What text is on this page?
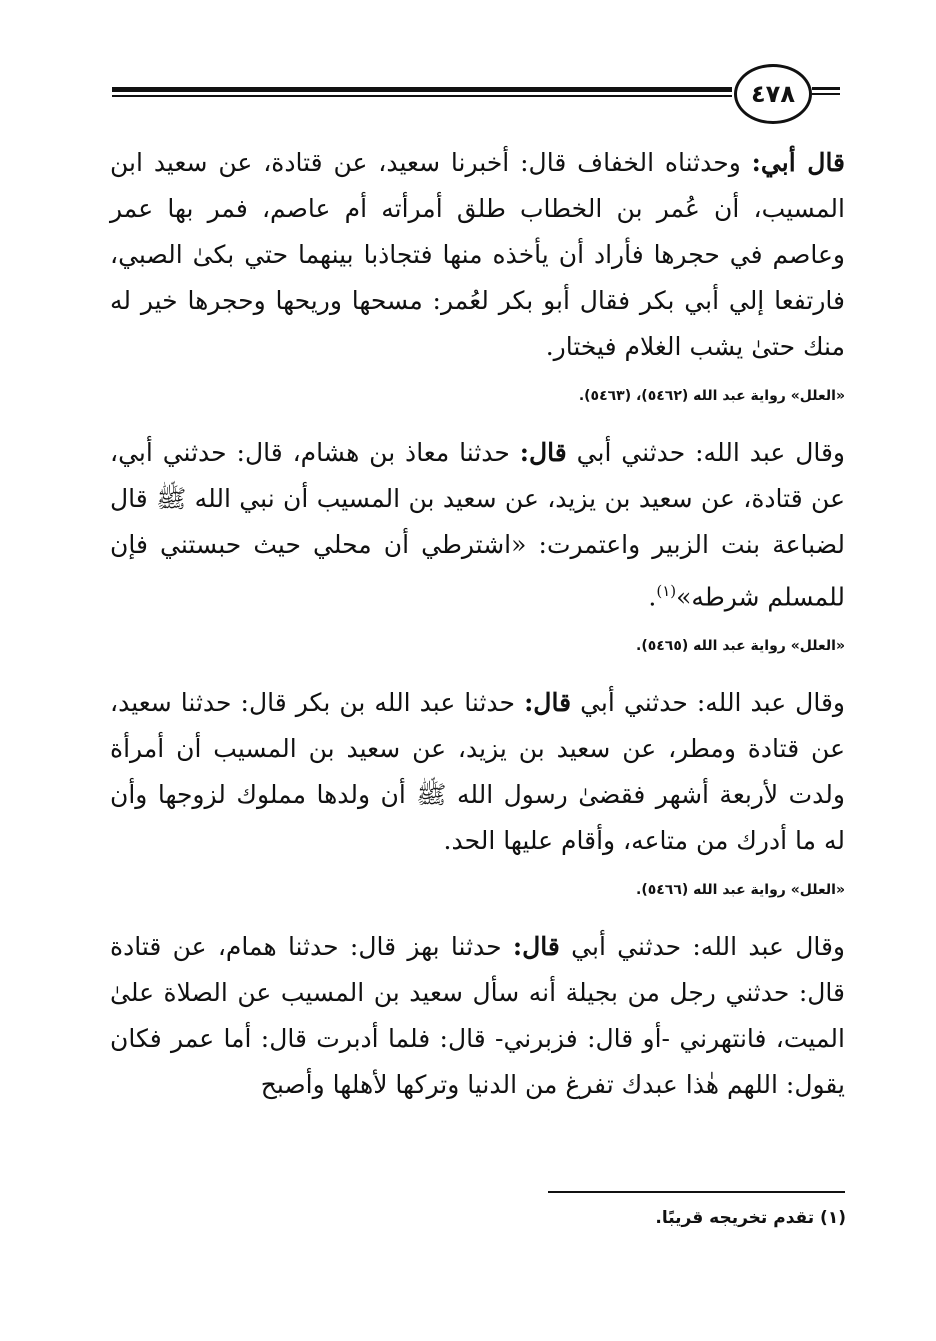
٤٧٨

قال أبي: وحدثناه الخفاف قال: أخبرنا سعيد، عن قتادة، عن سعيد ابن المسيب، أن عُمر بن الخطاب طلق أمرأته أم عاصم، فمر بها عمر وعاصم في حجرها فأراد أن يأخذه منها فتجاذبا بينهما حتي بكىٰ الصبي، فارتفعا إلي أبي بكر فقال أبو بكر لعُمر: مسحها وريحها وحجرها خير له منك حتىٰ يشب الغلام فيختار.

«العلل» رواية عبد الله (٥٤٦٢)، (٥٤٦٣).

وقال عبد الله: حدثني أبي قال: حدثنا معاذ بن هشام، قال: حدثني أبي، عن قتادة، عن سعيد بن يزيد، عن سعيد بن المسيب أن نبي الله ﷺ قال لضباعة بنت الزبير واعتمرت: «اشترطي أن محلي حيث حبستني فإن للمسلم شرطه»$^{(١)}$.

«العلل» رواية عبد الله (٥٤٦٥).

وقال عبد الله: حدثني أبي قال: حدثنا عبد الله بن بكر قال: حدثنا سعيد، عن قتادة ومطر، عن سعيد بن يزيد، عن سعيد بن المسيب أن أمرأة ولدت لأربعة أشهر فقضىٰ رسول الله ﷺ أن ولدها مملوك لزوجها وأن له ما أدرك من متاعه، وأقام عليها الحد.

«العلل» رواية عبد الله (٥٤٦٦).

وقال عبد الله: حدثني أبي قال: حدثنا بهز قال: حدثنا همام، عن قتادة قال: حدثني رجل من بجيلة أنه سأل سعيد بن المسيب عن الصلاة علىٰ الميت، فانتهرني -أو قال: فزبرني- قال: فلما أدبرت قال: أما عمر فكان يقول: اللهم هٰذا عبدك تفرغ من الدنيا وتركها لأهلها وأصبح

(١) تقدم تخريجه قريبًا.
